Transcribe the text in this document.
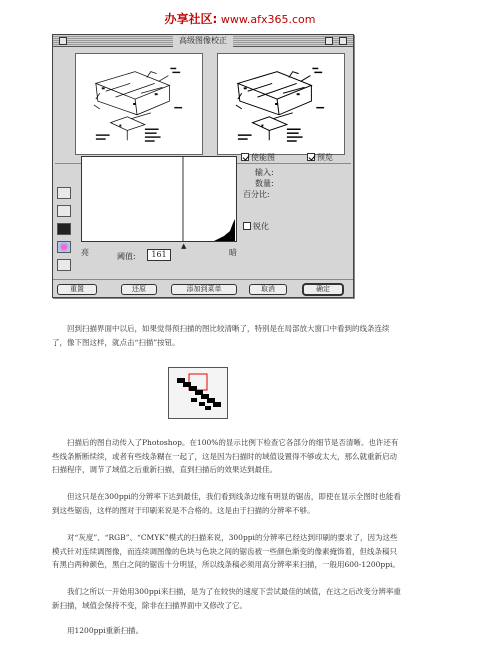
办享社区: www.afx365.com
高级图像校正
亮	暗
▲
阈值:	161
使能图	预览
输入:
数量:
百分比:
锐化
重置	还原	添加到菜单	取消	确定
回到扫描界面中以后，如果觉得预扫描的图比较清晰了，特别是在局部放大窗口中看到的线条连续了，像下图这样，就点击“扫描”按钮。
扫描后的图自动传入了Photoshop。在100%的显示比例下检查它各部分的细节是否清晰。也许还有些线条断断续续，或者有些线条糊在一起了，这是因为扫描时的域值设置得不够或太大，那么就重新启动扫描程序，调节了域值之后重新扫描，直到扫描后的效果达到最佳。
但这只是在300ppi的分辨率下达到最佳，我们看到线条边缘有明显的锯齿，即使在显示全图时也能看到这些锯齿，这样的图对于印刷来说是不合格的。这是由于扫描的分辨率不够。
对“灰度”、“RGB”、“CMYK”模式的扫描来说，300ppi的分辨率已经达到印刷的要求了，因为这些模式针对连续调图像，而连续调图像的色块与色块之间的锯齿被一些颜色渐变的像素掩饰着，但线条稿只有黑白两种颜色，黑白之间的锯齿十分明显，所以线条稿必须用高分辨率来扫描，一般用600-1200ppi。
我们之所以一开始用300ppi来扫描，是为了在较快的速度下尝试最佳的域值，在这之后改变分辨率重新扫描，域值会保持不变，除非在扫描界面中又修改了它。
用1200ppi重新扫描。
